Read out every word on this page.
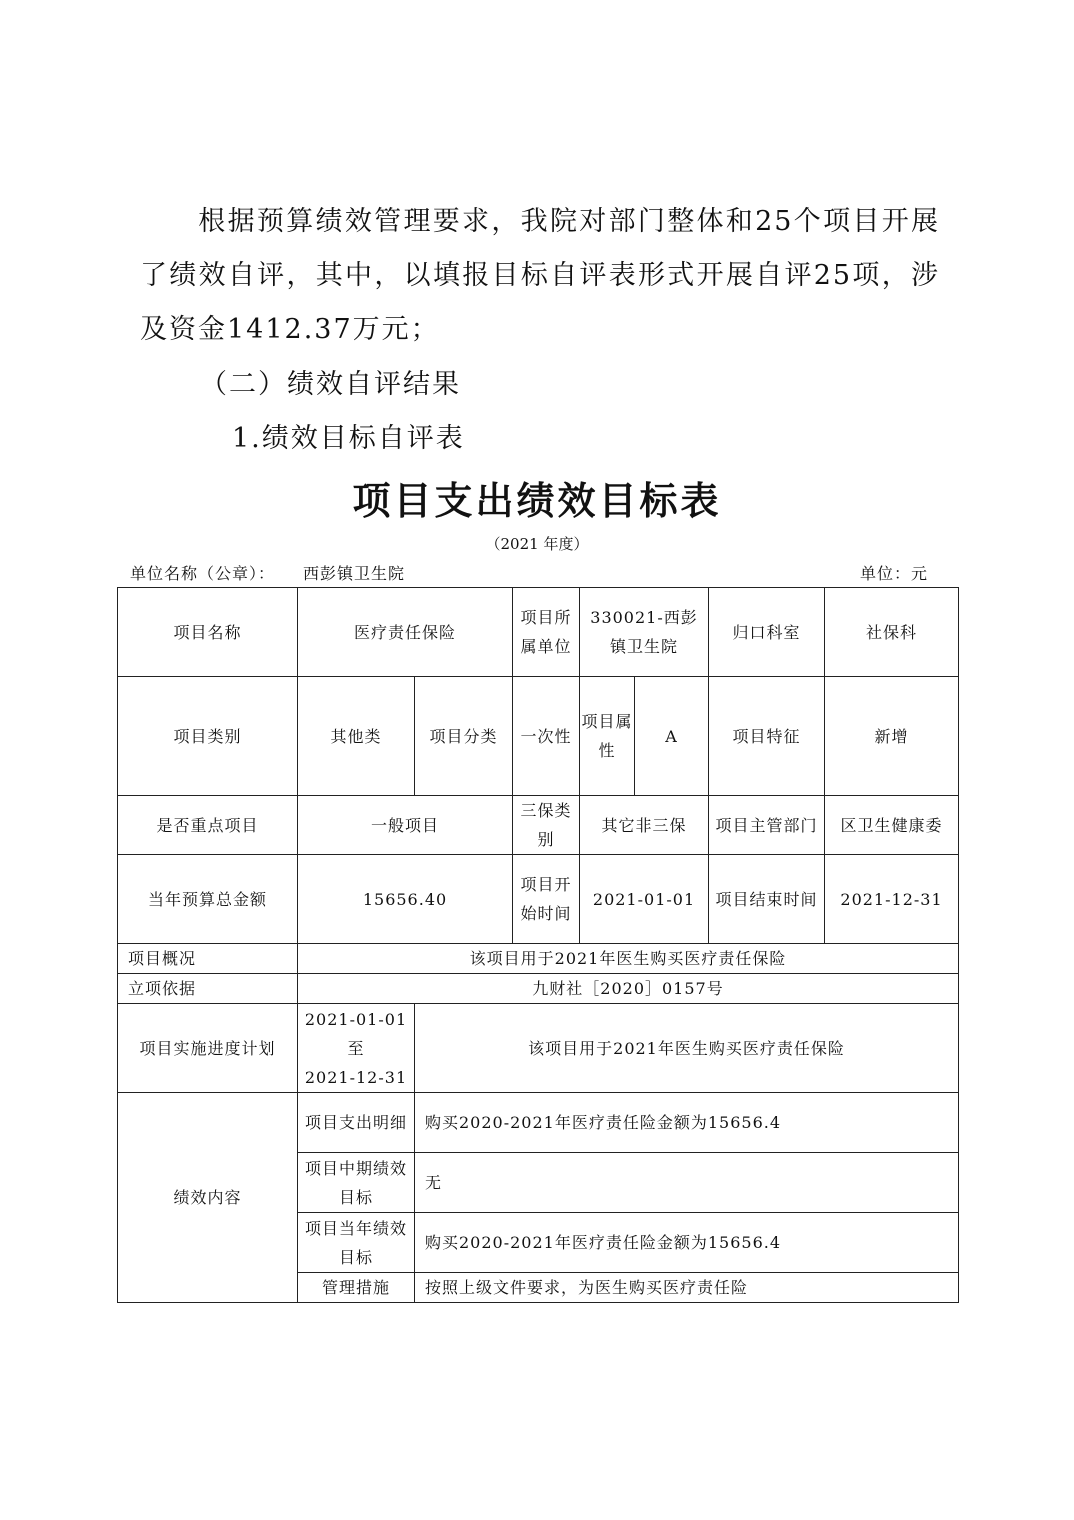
根据预算绩效管理要求，我院对部门整体和25个项目开展了绩效自评，其中，以填报目标自评表形式开展自评25项，涉及资金1412.37万元；
（二）绩效自评结果
1.绩效目标自评表
项目支出绩效目标表
（2021 年度）
单位名称（公章）： 西彭镇卫生院	单位：元
项目名称	医疗责任保险		项目所属单位	330021-西彭镇卫生院		归口科室	社保科
项目类别	其他类	项目分类	一次性	项目属性	A	项目特征	新增
是否重点项目	一般项目		三保类别	其它非三保		项目主管部门	区卫生健康委
当年预算总金额	15656.40		项目开始时间	2021-01-01		项目结束时间	2021-12-31
项目概况	该项目用于2021年医生购买医疗责任保险						
立项依据	九财社［2020］0157号						
项目实施进度计划	2021-01-01
至
2021-12-31	该项目用于2021年医生购买医疗责任保险					
绩效内容	项目支出明细	购买2020-2021年医疗责任险金额为15656.4					
	项目中期绩效目标	无					
	项目当年绩效目标	购买2020-2021年医疗责任险金额为15656.4					
	管理措施	按照上级文件要求，为医生购买医疗责任险					
